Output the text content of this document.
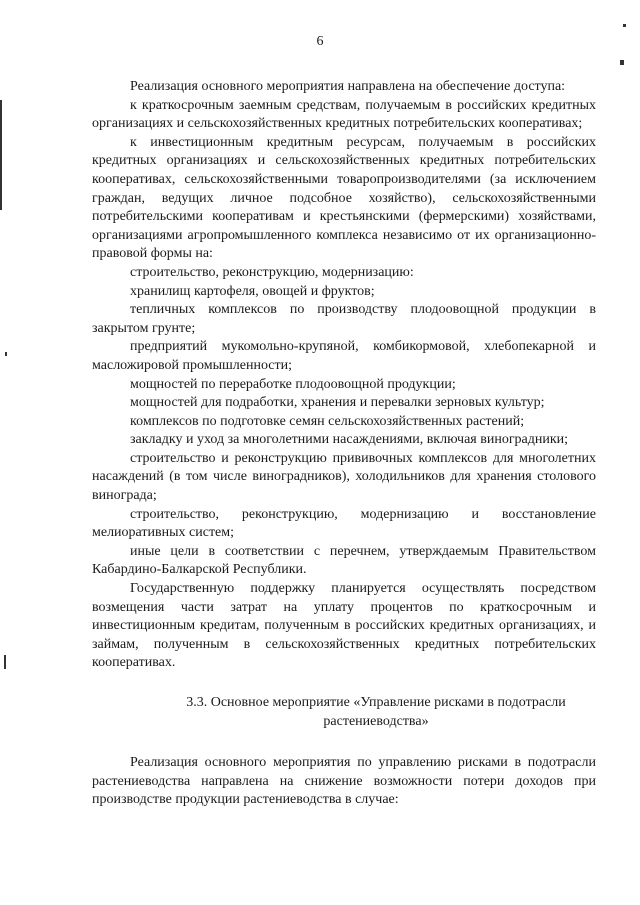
6

Реализация основного мероприятия направлена на обеспечение доступа:

к краткосрочным заемным средствам, получаемым в российских кредитных организациях и сельскохозяйственных кредитных потребительских кооперативах;

к инвестиционным кредитным ресурсам, получаемым в российских кредитных организациях и сельскохозяйственных кредитных потребительских кооперативах, сельскохозяйственными товаропроизводителями (за исключением граждан, ведущих личное подсобное хозяйство), сельскохозяйственными потребительскими кооперативам и крестьянскими (фермерскими) хозяйствами, организациями агропромышленного комплекса независимо от их организационно-правовой формы на:

строительство, реконструкцию, модернизацию:

хранилищ картофеля, овощей и фруктов;

тепличных комплексов по производству плодоовощной продукции в закрытом грунте;

предприятий мукомольно-крупяной, комбикормовой, хлебопекарной и масложировой промышленности;

мощностей по переработке плодоовощной продукции;

мощностей для подработки, хранения и перевалки зерновых культур;

комплексов по подготовке семян сельскохозяйственных растений;

закладку и уход за многолетними насаждениями, включая виноградники;

строительство и реконструкцию прививочных комплексов для многолетних насаждений (в том числе виноградников), холодильников для хранения столового винограда;

строительство, реконструкцию, модернизацию и восстановление мелиоративных систем;

иные цели в соответствии с перечнем, утверждаемым Правительством Кабардино-Балкарской Республики.

Государственную поддержку планируется осуществлять посредством возмещения части затрат на уплату процентов по краткосрочным и инвестиционным кредитам, полученным в российских кредитных организациях, и займам, полученным в сельскохозяйственных кредитных потребительских кооперативах.

3.3. Основное мероприятие «Управление рисками в подотрасли
растениеводства»

Реализация основного мероприятия по управлению рисками в подотрасли растениеводства направлена на снижение возможности потери доходов при производстве продукции растениеводства в случае:
